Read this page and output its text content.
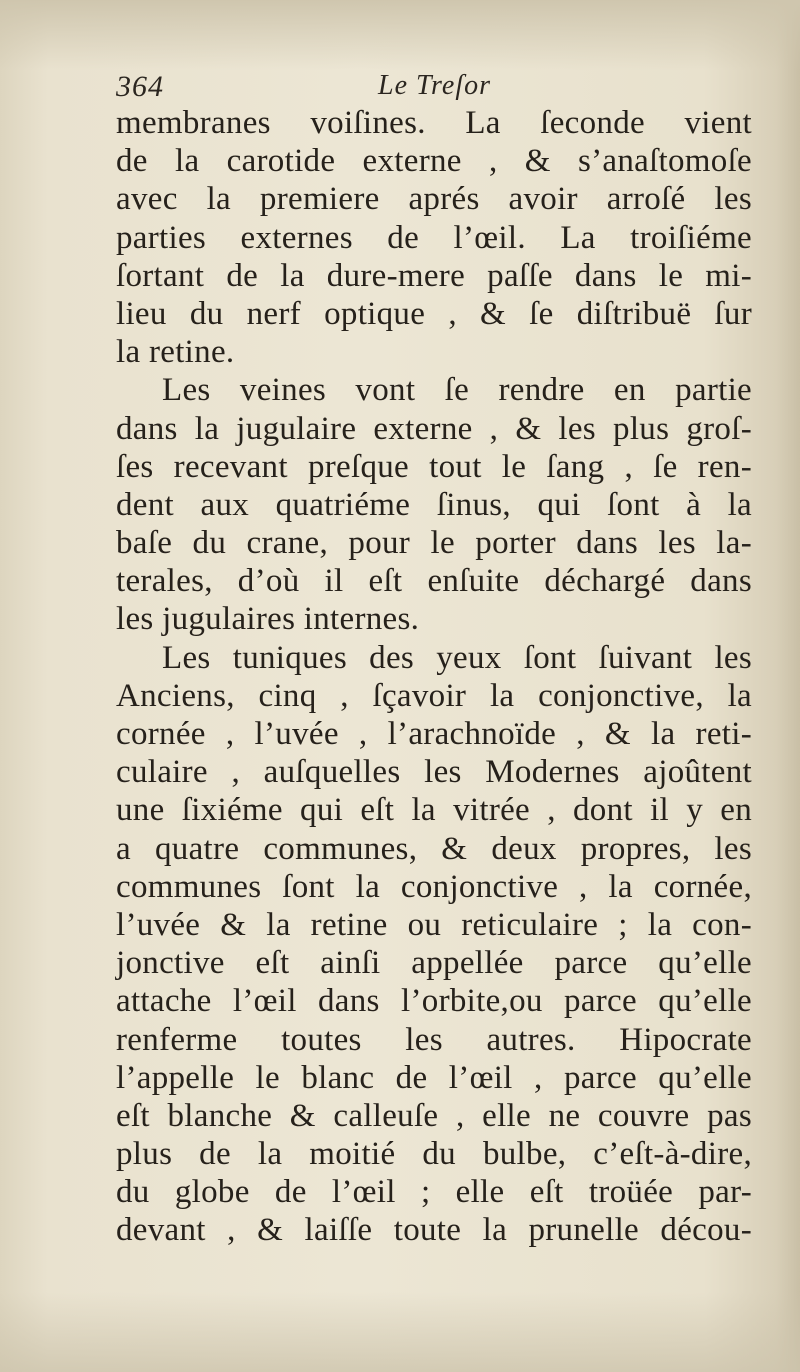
364	Le Treſor
membranes voiſines. La ſeconde vient
de la carotide externe , & s’anaſtomoſe
avec la premiere aprés avoir arroſé les
parties externes de l’œil. La troiſiéme
ſortant de la dure-mere paſſe dans le mi-
lieu du nerf optique , & ſe diſtribuë ſur
la retine.
Les veines vont ſe rendre en partie
dans la jugulaire externe , & les plus groſ-
ſes recevant preſque tout le ſang , ſe ren-
dent aux quatriéme ſinus, qui ſont à la
baſe du crane, pour le porter dans les la-
terales, d’où il eſt enſuite déchargé dans
les jugulaires internes.
Les tuniques des yeux ſont ſuivant les
Anciens, cinq , ſçavoir la conjonctive, la
cornée , l’uvée , l’arachnoïde , & la reti-
culaire , auſquelles les Modernes ajoûtent
une ſixiéme qui eſt la vitrée , dont il y en
a quatre communes, & deux propres, les
communes ſont la conjonctive , la cornée,
l’uvée & la retine ou reticulaire ; la con-
jonctive eſt ainſi appellée parce qu’elle
attache l’œil dans l’orbite,ou parce qu’elle
renferme toutes les autres. Hipocrate
l’appelle le blanc de l’œil , parce qu’elle
eſt blanche & calleuſe , elle ne couvre pas
plus de la moitié du bulbe, c’eſt-à-dire,
du globe de l’œil ; elle eſt troüée par-
devant , & laiſſe toute la prunelle décou-
